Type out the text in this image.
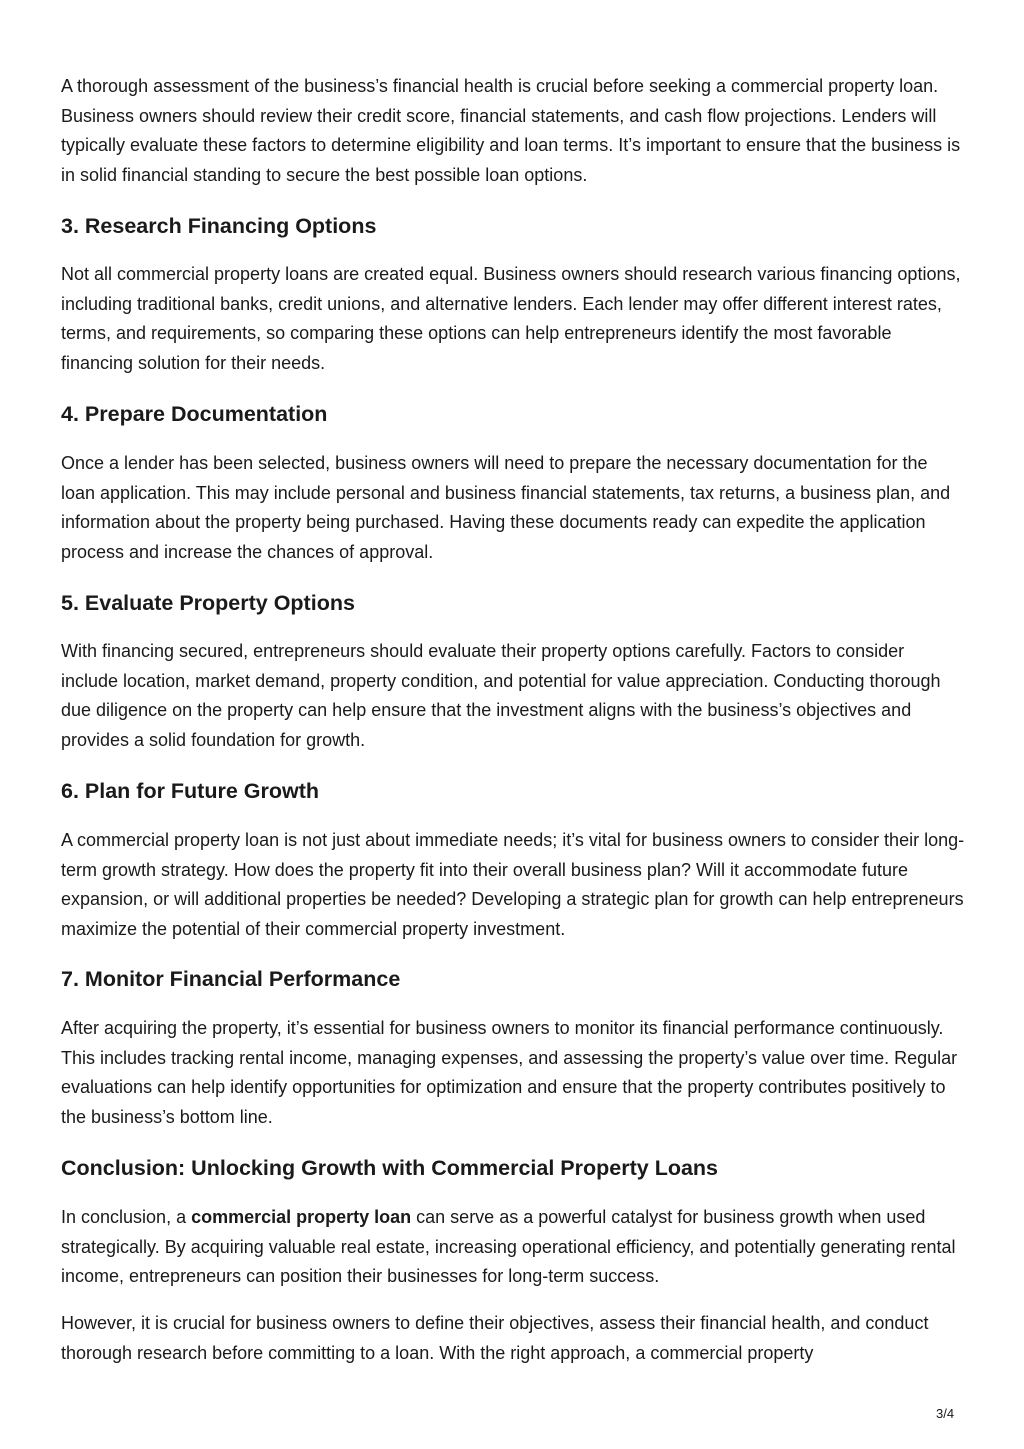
A thorough assessment of the business’s financial health is crucial before seeking a commercial property loan. Business owners should review their credit score, financial statements, and cash flow projections. Lenders will typically evaluate these factors to determine eligibility and loan terms. It’s important to ensure that the business is in solid financial standing to secure the best possible loan options.

3. Research Financing Options

Not all commercial property loans are created equal. Business owners should research various financing options, including traditional banks, credit unions, and alternative lenders. Each lender may offer different interest rates, terms, and requirements, so comparing these options can help entrepreneurs identify the most favorable financing solution for their needs.

4. Prepare Documentation

Once a lender has been selected, business owners will need to prepare the necessary documentation for the loan application. This may include personal and business financial statements, tax returns, a business plan, and information about the property being purchased. Having these documents ready can expedite the application process and increase the chances of approval.

5. Evaluate Property Options

With financing secured, entrepreneurs should evaluate their property options carefully. Factors to consider include location, market demand, property condition, and potential for value appreciation. Conducting thorough due diligence on the property can help ensure that the investment aligns with the business’s objectives and provides a solid foundation for growth.

6. Plan for Future Growth

A commercial property loan is not just about immediate needs; it’s vital for business owners to consider their long-term growth strategy. How does the property fit into their overall business plan? Will it accommodate future expansion, or will additional properties be needed? Developing a strategic plan for growth can help entrepreneurs maximize the potential of their commercial property investment.

7. Monitor Financial Performance

After acquiring the property, it’s essential for business owners to monitor its financial performance continuously. This includes tracking rental income, managing expenses, and assessing the property’s value over time. Regular evaluations can help identify opportunities for optimization and ensure that the property contributes positively to the business’s bottom line.

Conclusion: Unlocking Growth with Commercial Property Loans

In conclusion, a commercial property loan can serve as a powerful catalyst for business growth when used strategically. By acquiring valuable real estate, increasing operational efficiency, and potentially generating rental income, entrepreneurs can position their businesses for long-term success.

However, it is crucial for business owners to define their objectives, assess their financial health, and conduct thorough research before committing to a loan. With the right approach, a commercial property

3/4
